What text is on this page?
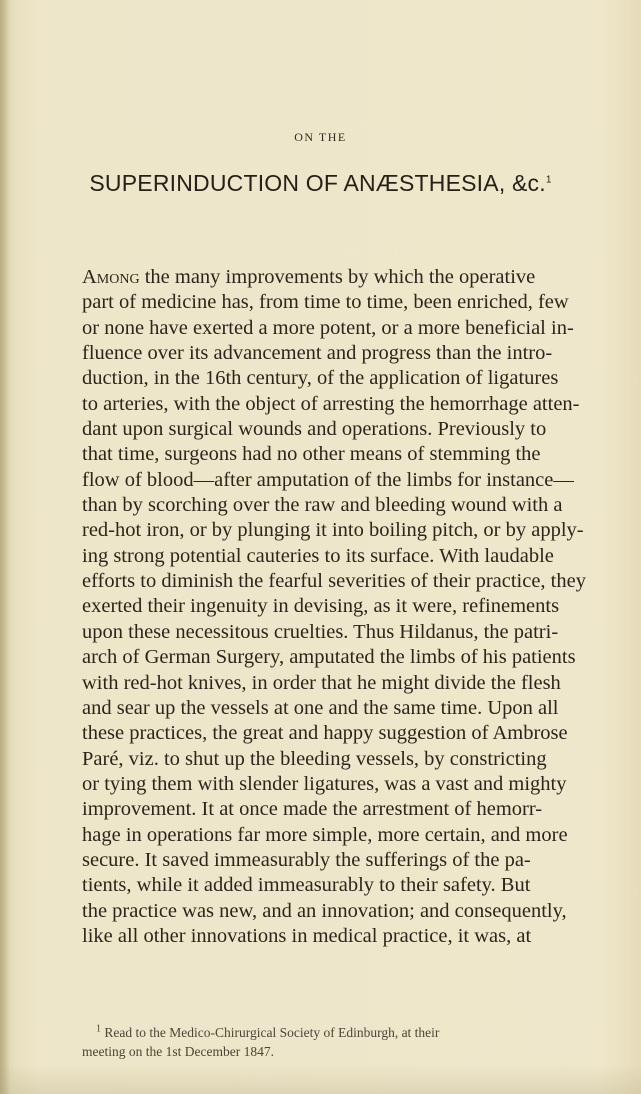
ON THE
SUPERINDUCTION OF ANÆSTHESIA, &c.$^1$
Among the many improvements by which the operative
part of medicine has, from time to time, been enriched, few
or none have exerted a more potent, or a more beneficial in-
fluence over its advancement and progress than the intro-
duction, in the 16th century, of the application of ligatures
to arteries, with the object of arresting the hemorrhage atten-
dant upon surgical wounds and operations. Previously to
that time, surgeons had no other means of stemming the
flow of blood—after amputation of the limbs for instance—
than by scorching over the raw and bleeding wound with a
red-hot iron, or by plunging it into boiling pitch, or by apply-
ing strong potential cauteries to its surface. With laudable
efforts to diminish the fearful severities of their practice, they
exerted their ingenuity in devising, as it were, refinements
upon these necessitous cruelties. Thus Hildanus, the patri-
arch of German Surgery, amputated the limbs of his patients
with red-hot knives, in order that he might divide the flesh
and sear up the vessels at one and the same time. Upon all
these practices, the great and happy suggestion of Ambrose
Paré, viz. to shut up the bleeding vessels, by constricting
or tying them with slender ligatures, was a vast and mighty
improvement. It at once made the arrestment of hemorr-
hage in operations far more simple, more certain, and more
secure. It saved immeasurably the sufferings of the pa-
tients, while it added immeasurably to their safety. But
the practice was new, and an innovation; and consequently,
like all other innovations in medical practice, it was, at
$^1$ Read to the Medico-Chirurgical Society of Edinburgh, at their
meeting on the 1st December 1847.
